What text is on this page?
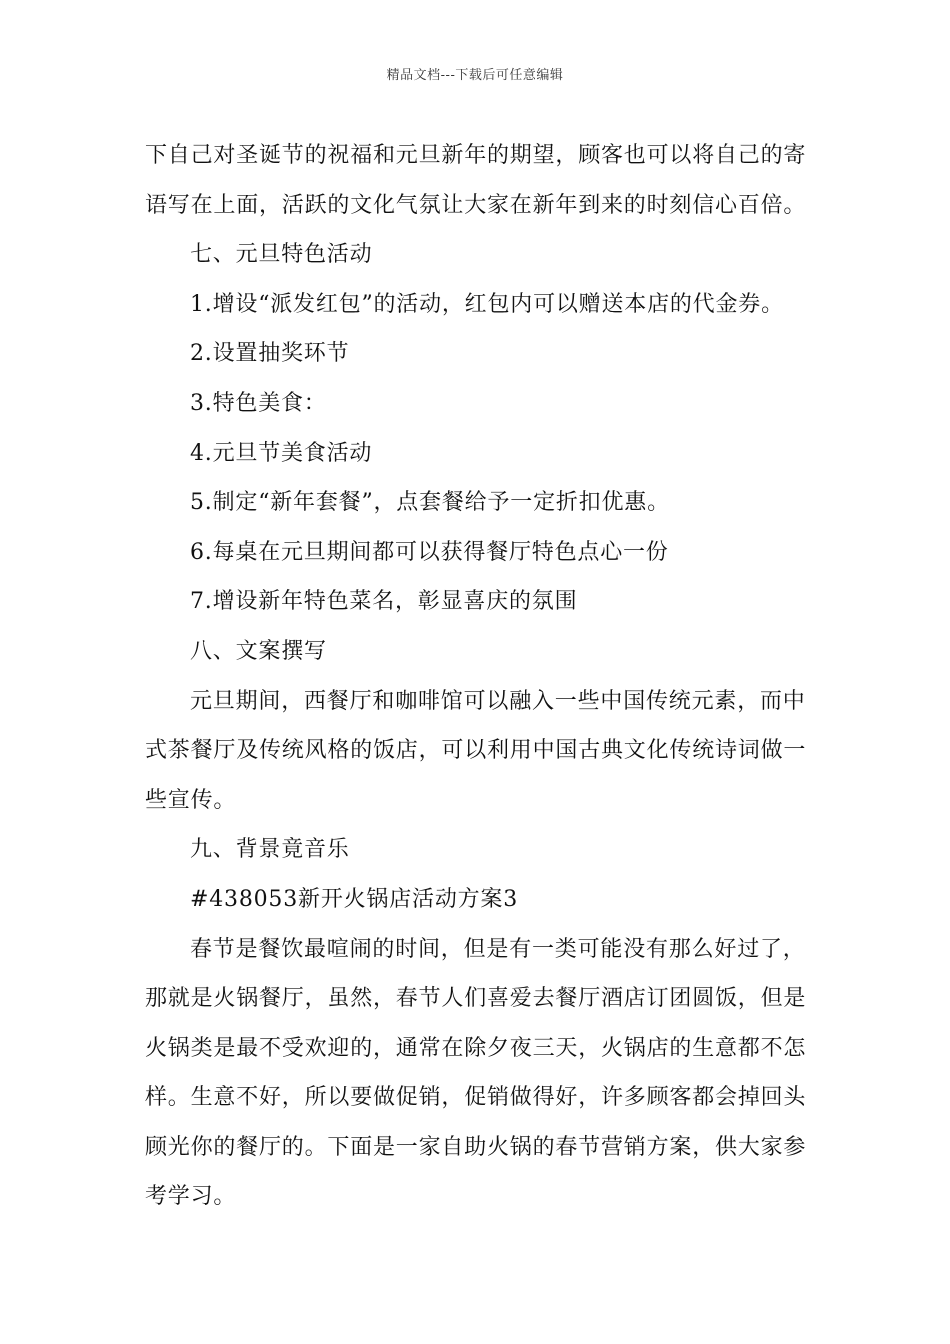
精品文档---下载后可任意编辑

下自己对圣诞节的祝福和元旦新年的期望，顾客也可以将自己的寄语写在上面，活跃的文化气氛让大家在新年到来的时刻信心百倍。

七、元旦特色活动

1.增设“派发红包”的活动，红包内可以赠送本店的代金券。

2.设置抽奖环节

3.特色美食：

4.元旦节美食活动

5.制定“新年套餐”，点套餐给予一定折扣优惠。

6.每桌在元旦期间都可以获得餐厅特色点心一份

7.增设新年特色菜名，彰显喜庆的氛围

八、文案撰写

元旦期间，西餐厅和咖啡馆可以融入一些中国传统元素，而中式茶餐厅及传统风格的饭店，可以利用中国古典文化传统诗词做一些宣传。

九、背景竟音乐

#438053新开火锅店活动方案3

春节是餐饮最喧闹的时间，但是有一类可能没有那么好过了，那就是火锅餐厅，虽然，春节人们喜爱去餐厅酒店订团圆饭，但是火锅类是最不受欢迎的，通常在除夕夜三天，火锅店的生意都不怎样。生意不好，所以要做促销，促销做得好，许多顾客都会掉回头顾光你的餐厅的。下面是一家自助火锅的春节营销方案，供大家参考学习。
